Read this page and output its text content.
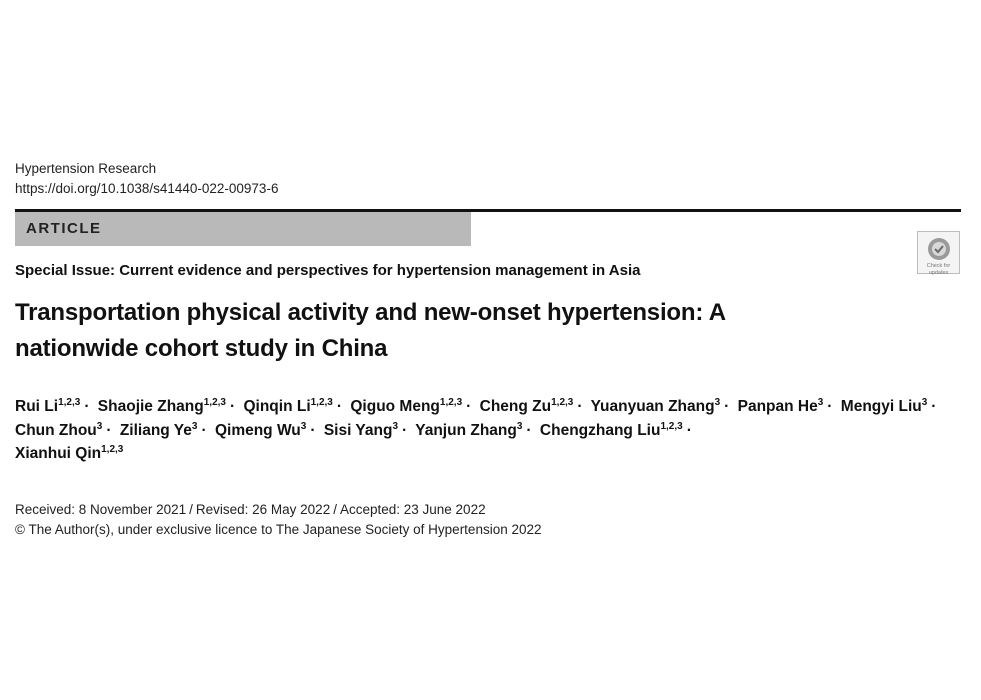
Hypertension Research
https://doi.org/10.1038/s41440-022-00973-6
ARTICLE
Check for
updates
Special Issue: Current evidence and perspectives for hypertension management in Asia
Transportation physical activity and new-onset hypertension: A
nationwide cohort study in China
Rui Li$^{1,2,3}$ · Shaojie Zhang$^{1,2,3}$ · Qinqin Li$^{1,2,3}$ · Qiguo Meng$^{1,2,3}$ · Cheng Zu$^{1,2,3}$ · Yuanyuan Zhang$^3$ · Panpan $He^3$ · Mengyi Liu$^3$ · Chun Zhou$^3$ · Ziliang $Ye^3$ · Qimeng $Wu^3$ · Sisi Yang$^3$ · Yanjun Zhang$^3$ · Chengzhang Liu$^{1,2,3}$ ·
Xianhui Qin$^{1,2,3}$
Received: 8 November 2021 / Revised: 26 May 2022 / Accepted: 23 June 2022
© The Author(s), under exclusive licence to The Japanese Society of Hypertension 2022
